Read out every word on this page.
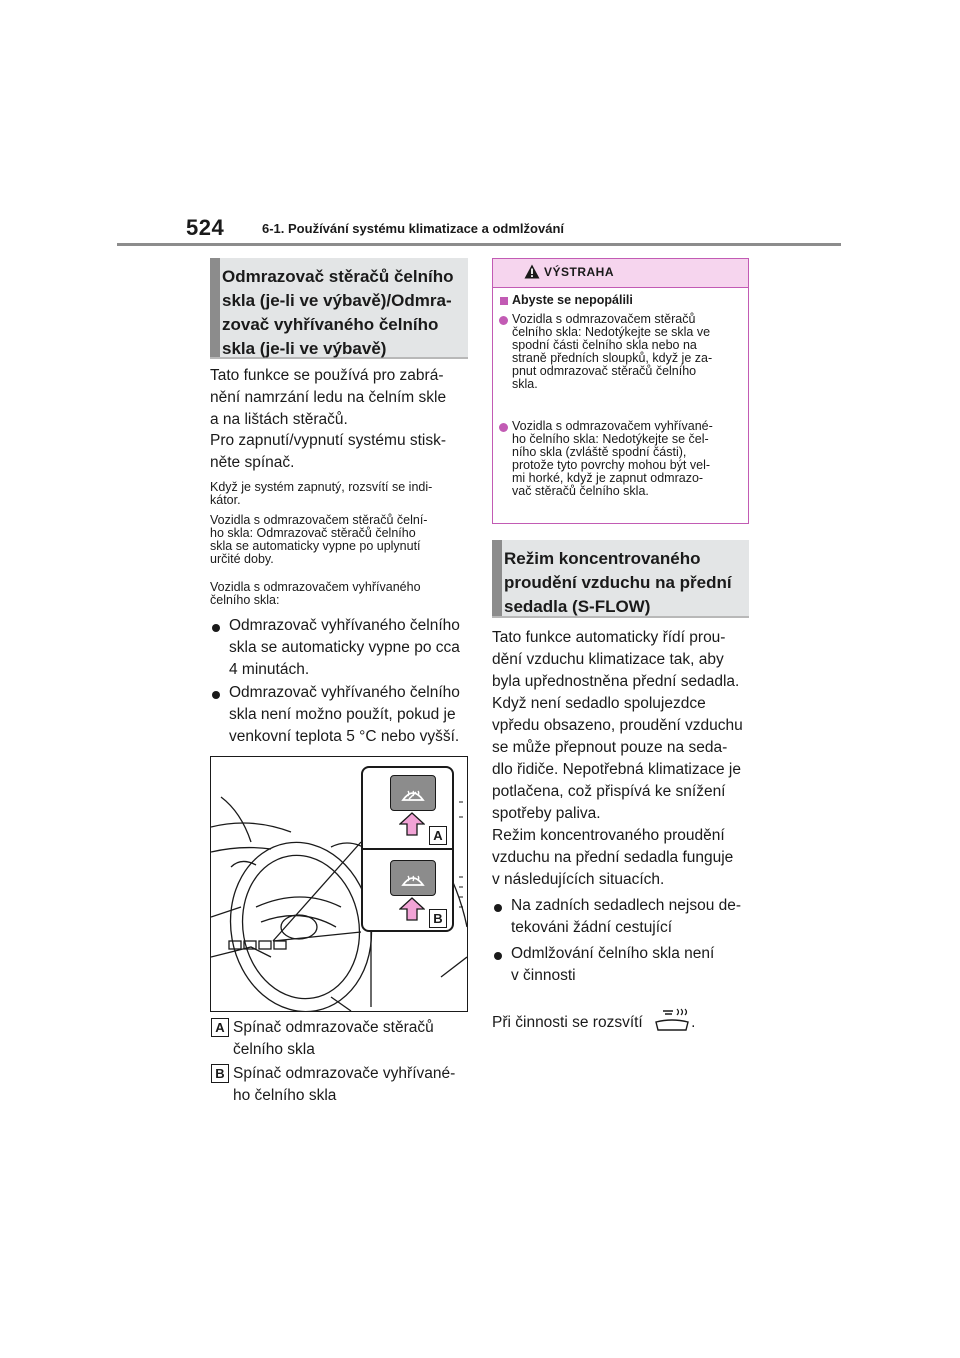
524	6-1. Používání systému klimatizace a odmlžování
Odmrazovač stěračů čelního
skla (je-li ve výbavě)/Odmra-
zovač vyhřívaného čelního
skla (je-li ve výbavě)
Tato funkce se používá pro zabrá-
nění namrzání ledu na čelním skle
a na lištách stěračů.
Pro zapnutí/vypnutí systému stisk-
něte spínač.
Když je systém zapnutý, rozsvítí se indi-
kátor.
Vozidla s odmrazovačem stěračů čelní-
ho skla: Odmrazovač stěračů čelního
skla se automaticky vypne po uplynutí
určité doby.
Vozidla s odmrazovačem vyhřívaného
čelního skla:
Odmrazovač vyhřívaného čelního
skla se automaticky vypne po cca
4 minutách.
Odmrazovač vyhřívaného čelního
skla není možno použít, pokud je
venkovní teplota 5 °C nebo vyšší.
A
B
A Spínač odmrazovače stěračů
čelního skla
B Spínač odmrazovače vyhřívané-
ho čelního skla
VÝSTRAHA
Abyste se nepopálili
Vozidla s odmrazovačem stěračů
čelního skla: Nedotýkejte se skla ve
spodní části čelního skla nebo na
straně předních sloupků, když je za-
pnut odmrazovač stěračů čelního
skla.
Vozidla s odmrazovačem vyhřívané-
ho čelního skla: Nedotýkejte se čel-
ního skla (zvláště spodní části),
protože tyto povrchy mohou být vel-
mi horké, když je zapnut odmrazo-
vač stěračů čelního skla.
Režim koncentrovaného
proudění vzduchu na přední
sedadla (S-FLOW)
Tato funkce automaticky řídí prou-
dění vzduchu klimatizace tak, aby
byla upřednostněna přední sedadla.
Když není sedadlo spolujezdce
vpředu obsazeno, proudění vzduchu
se může přepnout pouze na seda-
dlo řidiče. Nepotřebná klimatizace je
potlačena, což přispívá ke snížení
spotřeby paliva.
Režim koncentrovaného proudění
vzduchu na přední sedadla funguje
v následujících situacích.
Na zadních sedadlech nejsou de-
tekováni žádní cestující
Odmlžování čelního skla není
v činnosti
Při činnosti se rozsvítí	.
